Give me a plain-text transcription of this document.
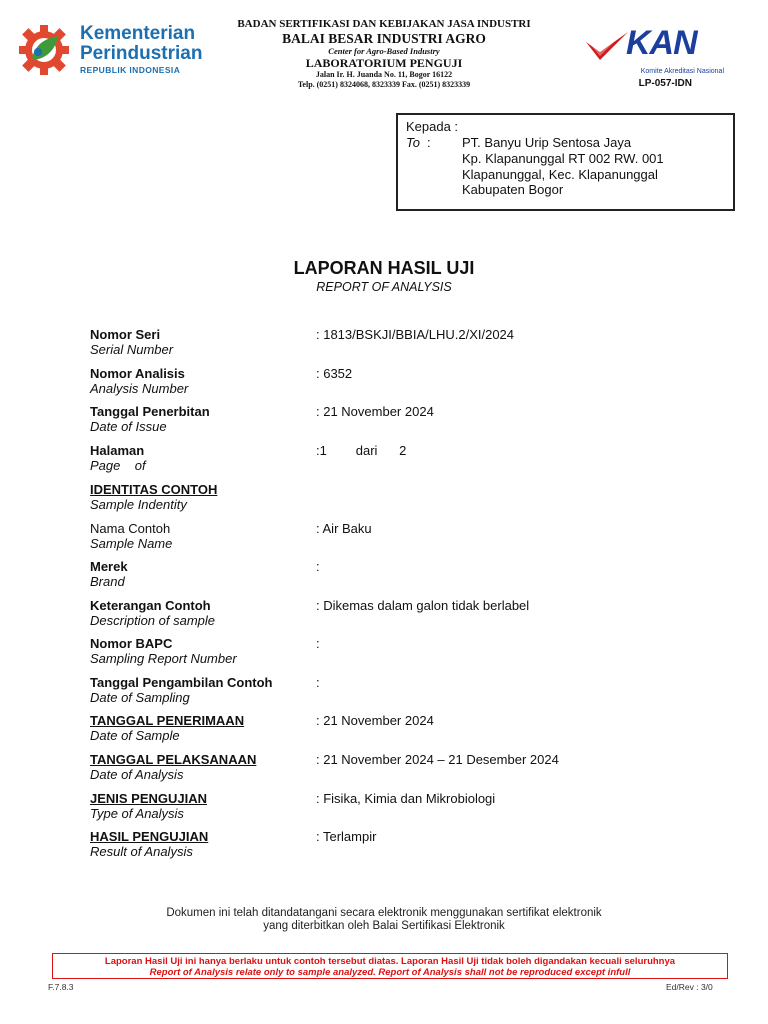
Kementerian
Perindustrian
REPUBLIK INDONESIA
BADAN SERTIFIKASI DAN KEBIJAKAN JASA INDUSTRI
BALAI BESAR INDUSTRI AGRO
Center for Agro-Based Industry
LABORATORIUM PENGUJI
Jalan Ir. H. Juanda No. 11, Bogor 16122
Telp. (0251) 8324068, 8323339 Fax. (0251) 8323339
KAN
Komite Akreditasi Nasional
LP-057-IDN
Kepada :
To : PT. Banyu Urip Sentosa Jaya
Kp. Klapanunggal RT 002 RW. 001
Klapanunggal, Kec. Klapanunggal
Kabupaten Bogor
LAPORAN HASIL UJI
REPORT OF ANALYSIS
Nomor Seri
Serial Number
: 1813/BSKJI/BBIA/LHU.2/XI/2024
Nomor Analisis
Analysis Number
: 6352
Tanggal Penerbitan
Date of Issue
: 21 November 2024
Halaman
Page    of
:1        dari      2
IDENTITAS CONTOH
Sample Indentity
Nama Contoh
Sample Name
: Air Baku
Merek
Brand
:
Keterangan Contoh
Description of sample
: Dikemas dalam galon tidak berlabel
Nomor BAPC
Sampling Report Number
:
Tanggal Pengambilan Contoh
Date of Sampling
:
TANGGAL PENERIMAAN
Date of Sample
: 21 November 2024
TANGGAL PELAKSANAAN
Date of Analysis
: 21 November 2024 – 21 Desember 2024
JENIS PENGUJIAN
Type of Analysis
: Fisika, Kimia dan Mikrobiologi
HASIL PENGUJIAN
Result of Analysis
: Terlampir
Dokumen ini telah ditandatangani secara elektronik menggunakan sertifikat elektronik
yang diterbitkan oleh Balai Sertifikasi Elektronik
Laporan Hasil Uji ini hanya berlaku untuk contoh tersebut diatas. Laporan Hasil Uji tidak boleh digandakan kecuali seluruhnya
Report of Analysis relate only to sample analyzed. Report of Analysis shall not be reproduced except infull
F.7.8.3	Ed/Rev : 3/0
